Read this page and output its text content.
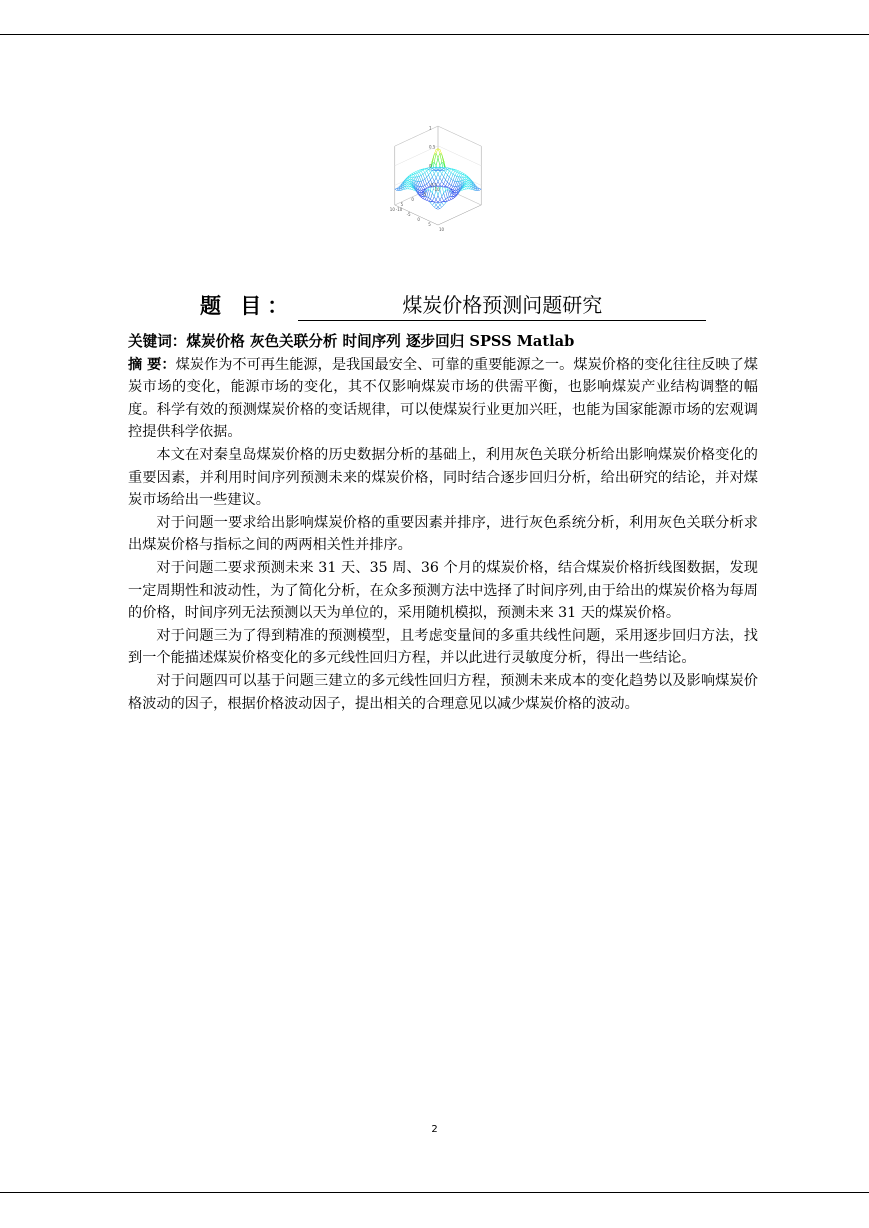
1
0.5
0
-0.5
10
5
0
-5
-10
-10
-5
0
5
10
题 目：	煤炭价格预测问题研究

关键词：煤炭价格 灰色关联分析 时间序列 逐步回归 SPSS Matlab

摘 要：煤炭作为不可再生能源，是我国最安全、可靠的重要能源之一。煤炭价格的变化往往反映了煤炭市场的变化，能源市场的变化，其不仅影响煤炭市场的供需平衡，也影响煤炭产业结构调整的幅度。科学有效的预测煤炭价格的变话规律，可以使煤炭行业更加兴旺，也能为国家能源市场的宏观调控提供科学依据。

本文在对秦皇岛煤炭价格的历史数据分析的基础上，利用灰色关联分析给出影响煤炭价格变化的重要因素，并利用时间序列预测未来的煤炭价格，同时结合逐步回归分析，给出研究的结论，并对煤炭市场给出一些建议。

对于问题一要求给出影响煤炭价格的重要因素并排序，进行灰色系统分析，利用灰色关联分析求出煤炭价格与指标之间的两两相关性并排序。

对于问题二要求预测未来 31 天、35 周、36 个月的煤炭价格，结合煤炭价格折线图数据，发现一定周期性和波动性，为了简化分析，在众多预测方法中选择了时间序列,由于给出的煤炭价格为每周的价格，时间序列无法预测以天为单位的，采用随机模拟，预测未来 31 天的煤炭价格。

对于问题三为了得到精准的预测模型，且考虑变量间的多重共线性问题，采用逐步回归方法，找到一个能描述煤炭价格变化的多元线性回归方程，并以此进行灵敏度分析，得出一些结论。

对于问题四可以基于问题三建立的多元线性回归方程，预测未来成本的变化趋势以及影响煤炭价格波动的因子，根据价格波动因子，提出相关的合理意见以减少煤炭价格的波动。

2
